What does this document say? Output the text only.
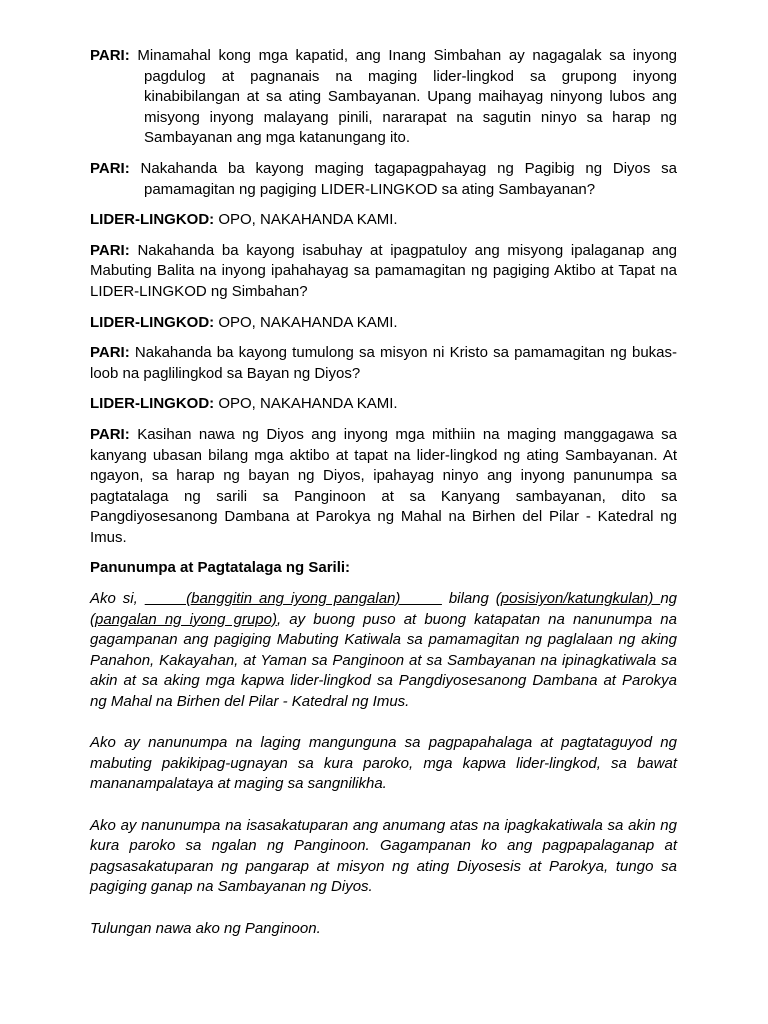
PARI: Minamahal kong mga kapatid, ang Inang Simbahan ay nagagalak sa inyong pagdulog at pagnanais na maging lider-lingkod sa grupong inyong kinabibilangan at sa ating Sambayanan. Upang maihayag ninyong lubos ang misyong inyong malayang pinili, nararapat na sagutin ninyo sa harap ng Sambayanan ang mga katanungang ito.

PARI: Nakahanda ba kayong maging tagapagpahayag ng Pagibig ng Diyos sa pamamagitan ng pagiging LIDER-LINGKOD sa ating Sambayanan?

LIDER-LINGKOD: OPO, NAKAHANDA KAMI.

PARI: Nakahanda ba kayong isabuhay at ipagpatuloy ang misyong ipalaganap ang Mabuting Balita na inyong ipahahayag sa pamamagitan ng pagiging Aktibo at Tapat na LIDER-LINGKOD ng Simbahan?

LIDER-LINGKOD: OPO, NAKAHANDA KAMI.

PARI: Nakahanda ba kayong tumulong sa misyon ni Kristo sa pamamagitan ng bukas-loob na paglilingkod sa Bayan ng Diyos?

LIDER-LINGKOD: OPO, NAKAHANDA KAMI.

PARI: Kasihan nawa ng Diyos ang inyong mga mithiin na maging manggagawa sa kanyang ubasan bilang mga aktibo at tapat na lider-lingkod ng ating Sambayanan. At ngayon, sa harap ng bayan ng Diyos, ipahayag ninyo ang inyong panunumpa sa pagtatalaga ng sarili sa Panginoon at sa Kanyang sambayanan, dito sa Pangdiyosesanong Dambana at Parokya ng Mahal na Birhen del Pilar - Katedral ng Imus.

Panunumpa at Pagtatalaga ng Sarili:

Ako si,       (banggitin ang iyong pangalan)       bilang (posisiyon/katungkulan) ng (pangalan ng iyong grupo), ay buong puso at buong katapatan na nanunumpa na gagampanan ang pagiging Mabuting Katiwala sa pamamagitan ng paglalaan ng aking Panahon, Kakayahan, at Yaman sa Panginoon at sa Sambayanan na ipinagkatiwala sa akin at sa aking mga kapwa lider-lingkod sa Pangdiyosesanong Dambana at Parokya ng Mahal na Birhen del Pilar - Katedral ng Imus.

Ako ay nanunumpa na laging mangunguna sa pagpapahalaga at pagtataguyod ng mabuting pakikipag-ugnayan sa kura paroko, mga kapwa lider-lingkod, sa bawat mananampalataya at maging sa sangnilikha.

Ako ay nanunumpa na isasakatuparan ang anumang atas na ipagkakatiwala sa akin ng kura paroko sa ngalan ng Panginoon. Gagampanan ko ang pagpapalaganap at pagsasakatuparan ng pangarap at misyon ng ating Diyosesis at Parokya, tungo sa pagiging ganap na Sambayanan ng Diyos.

Tulungan nawa ako ng Panginoon.
